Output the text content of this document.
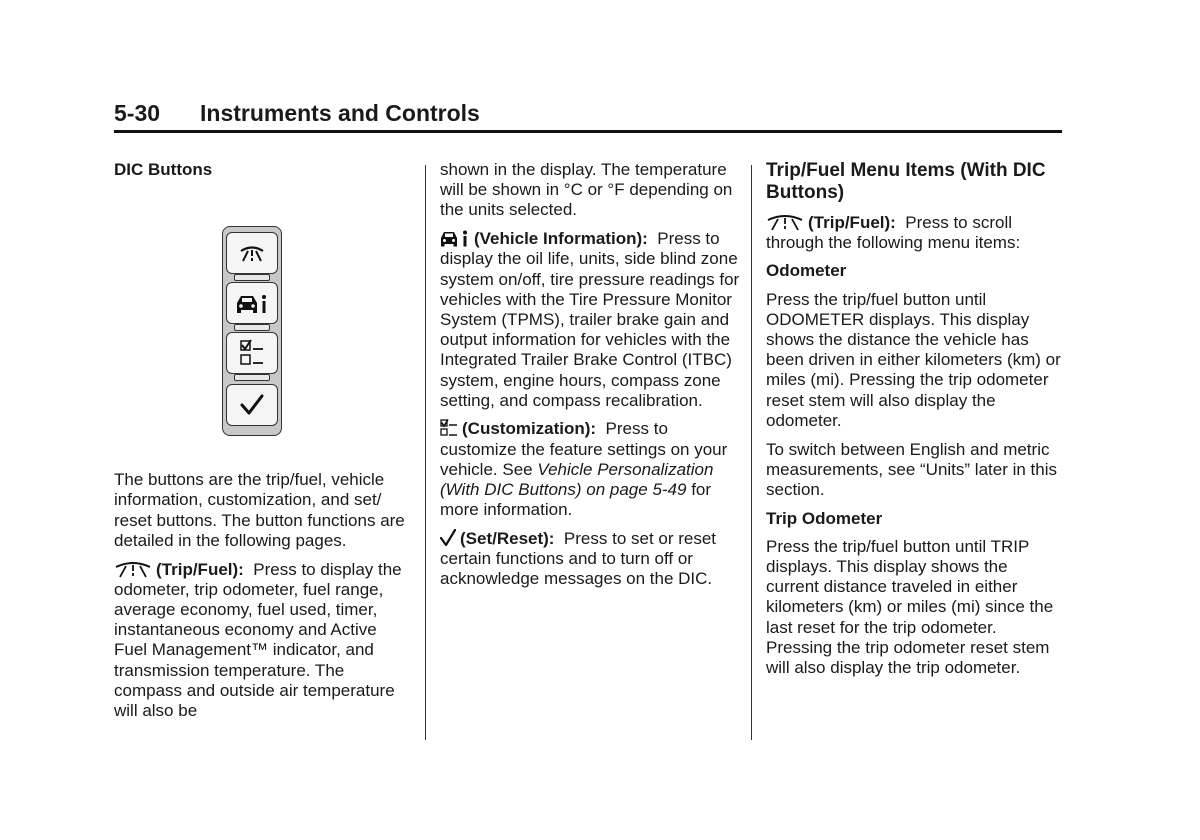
5-30 Instruments and Controls

DIC Buttons

The buttons are the trip/fuel, vehicle information, customization, and set/ reset buttons. The button functions are detailed in the following pages.

(Trip/Fuel): Press to display the odometer, trip odometer, fuel range, average economy, fuel used, timer, instantaneous economy and Active Fuel Management™ indicator, and transmission temperature. The compass and outside air temperature will also be

shown in the display. The temperature will be shown in °C or °F depending on the units selected.

(Vehicle Information): Press to display the oil life, units, side blind zone system on/off, tire pressure readings for vehicles with the Tire Pressure Monitor System (TPMS), trailer brake gain and output information for vehicles with the Integrated Trailer Brake Control (ITBC) system, engine hours, compass zone setting, and compass recalibration.

(Customization): Press to customize the feature settings on your vehicle. See Vehicle Personalization (With DIC Buttons) on page 5-49 for more information.

(Set/Reset): Press to set or reset certain functions and to turn off or acknowledge messages on the DIC.

Trip/Fuel Menu Items (With DIC Buttons)

(Trip/Fuel): Press to scroll through the following menu items:

Odometer

Press the trip/fuel button until ODOMETER displays. This display shows the distance the vehicle has been driven in either kilometers (km) or miles (mi). Pressing the trip odometer reset stem will also display the odometer.

To switch between English and metric measurements, see “Units” later in this section.

Trip Odometer

Press the trip/fuel button until TRIP displays. This display shows the current distance traveled in either kilometers (km) or miles (mi) since the last reset for the trip odometer. Pressing the trip odometer reset stem will also display the trip odometer.
